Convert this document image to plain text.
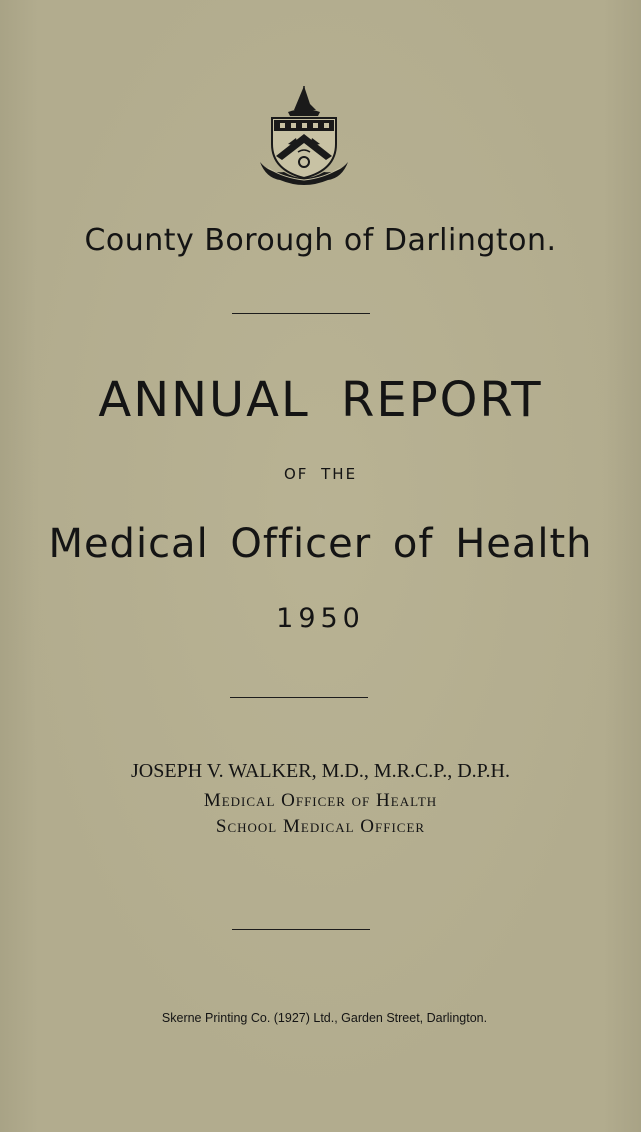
County Borough of Darlington.
ANNUAL REPORT
OF THE
Medical Officer of Health
1950
JOSEPH V. WALKER, M.D., M.R.C.P., D.P.H.
Medical Officer of Health
School Medical Officer
Skerne Printing Co. (1927) Ltd., Garden Street, Darlington.
